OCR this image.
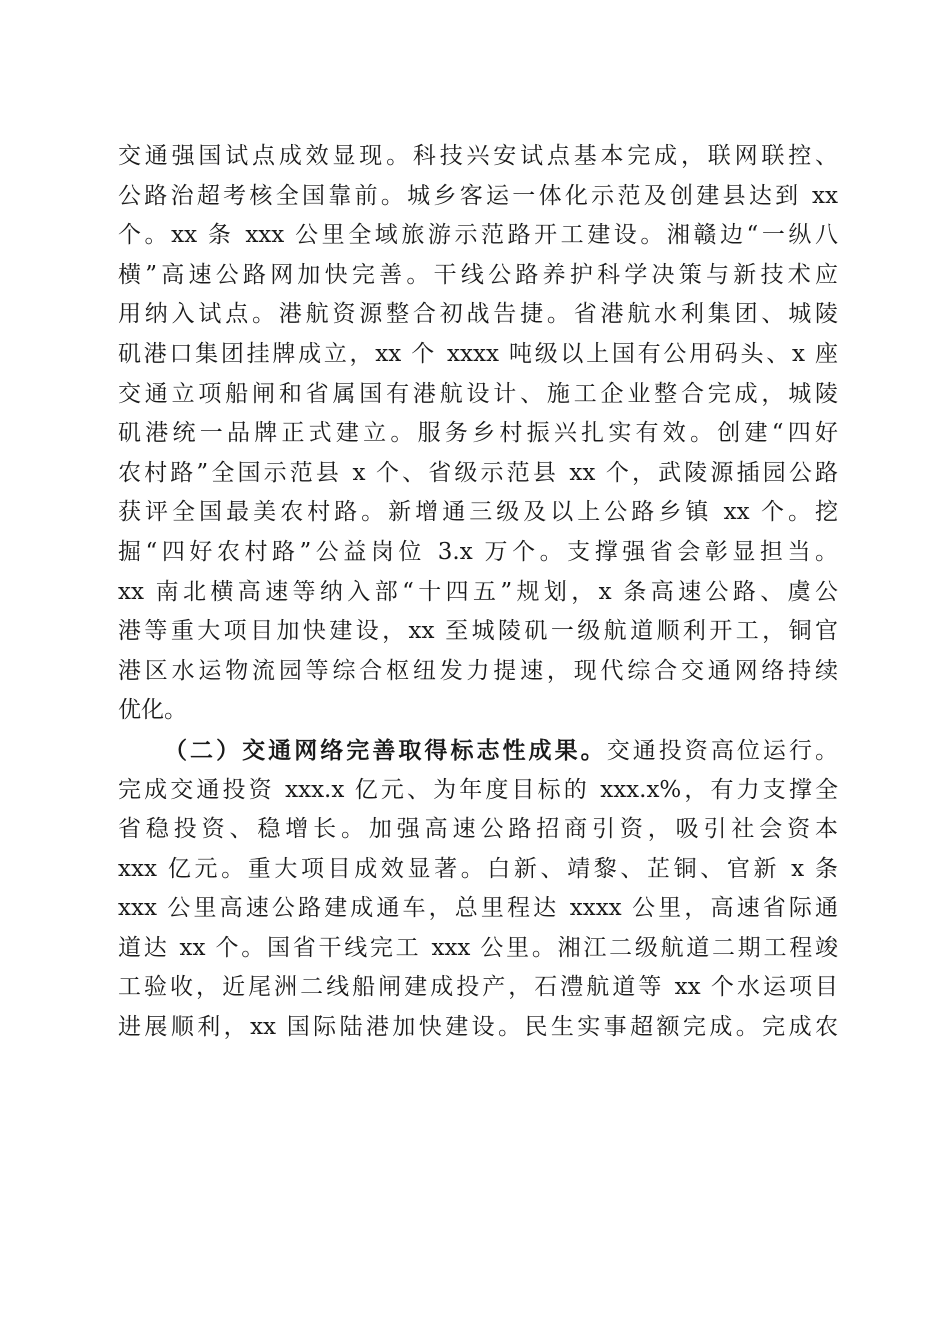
交通强国试点成效显现。科技兴安试点基本完成，联网联控、
公路治超考核全国靠前。城乡客运一体化示范及创建县达到 xx
个。xx 条 xxx 公里全域旅游示范路开工建设。湘赣边“一纵八
横”高速公路网加快完善。干线公路养护科学决策与新技术应
用纳入试点。港航资源整合初战告捷。省港航水利集团、城陵
矶港口集团挂牌成立，xx 个 xxxx 吨级以上国有公用码头、x 座
交通立项船闸和省属国有港航设计、施工企业整合完成，城陵
矶港统一品牌正式建立。服务乡村振兴扎实有效。创建“四好
农村路”全国示范县 x 个、省级示范县 xx 个，武陵源插园公路
获评全国最美农村路。新增通三级及以上公路乡镇 xx 个。挖
掘“四好农村路”公益岗位 3.x 万个。支撑强省会彰显担当。
xx 南北横高速等纳入部“十四五”规划，x 条高速公路、虞公
港等重大项目加快建设，xx 至城陵矶一级航道顺利开工，铜官
港区水运物流园等综合枢纽发力提速，现代综合交通网络持续
优化。
（二）交通网络完善取得标志性成果。交通投资高位运行。
完成交通投资 xxx.x 亿元、为年度目标的 xxx.x%，有力支撑全
省稳投资、稳增长。加强高速公路招商引资，吸引社会资本
xxx 亿元。重大项目成效显著。白新、靖黎、芷铜、官新 x 条
xxx 公里高速公路建成通车，总里程达 xxxx 公里，高速省际通
道达 xx 个。国省干线完工 xxx 公里。湘江二级航道二期工程竣
工验收，近尾洲二线船闸建成投产，石澧航道等 xx 个水运项目
进展顺利，xx 国际陆港加快建设。民生实事超额完成。完成农
